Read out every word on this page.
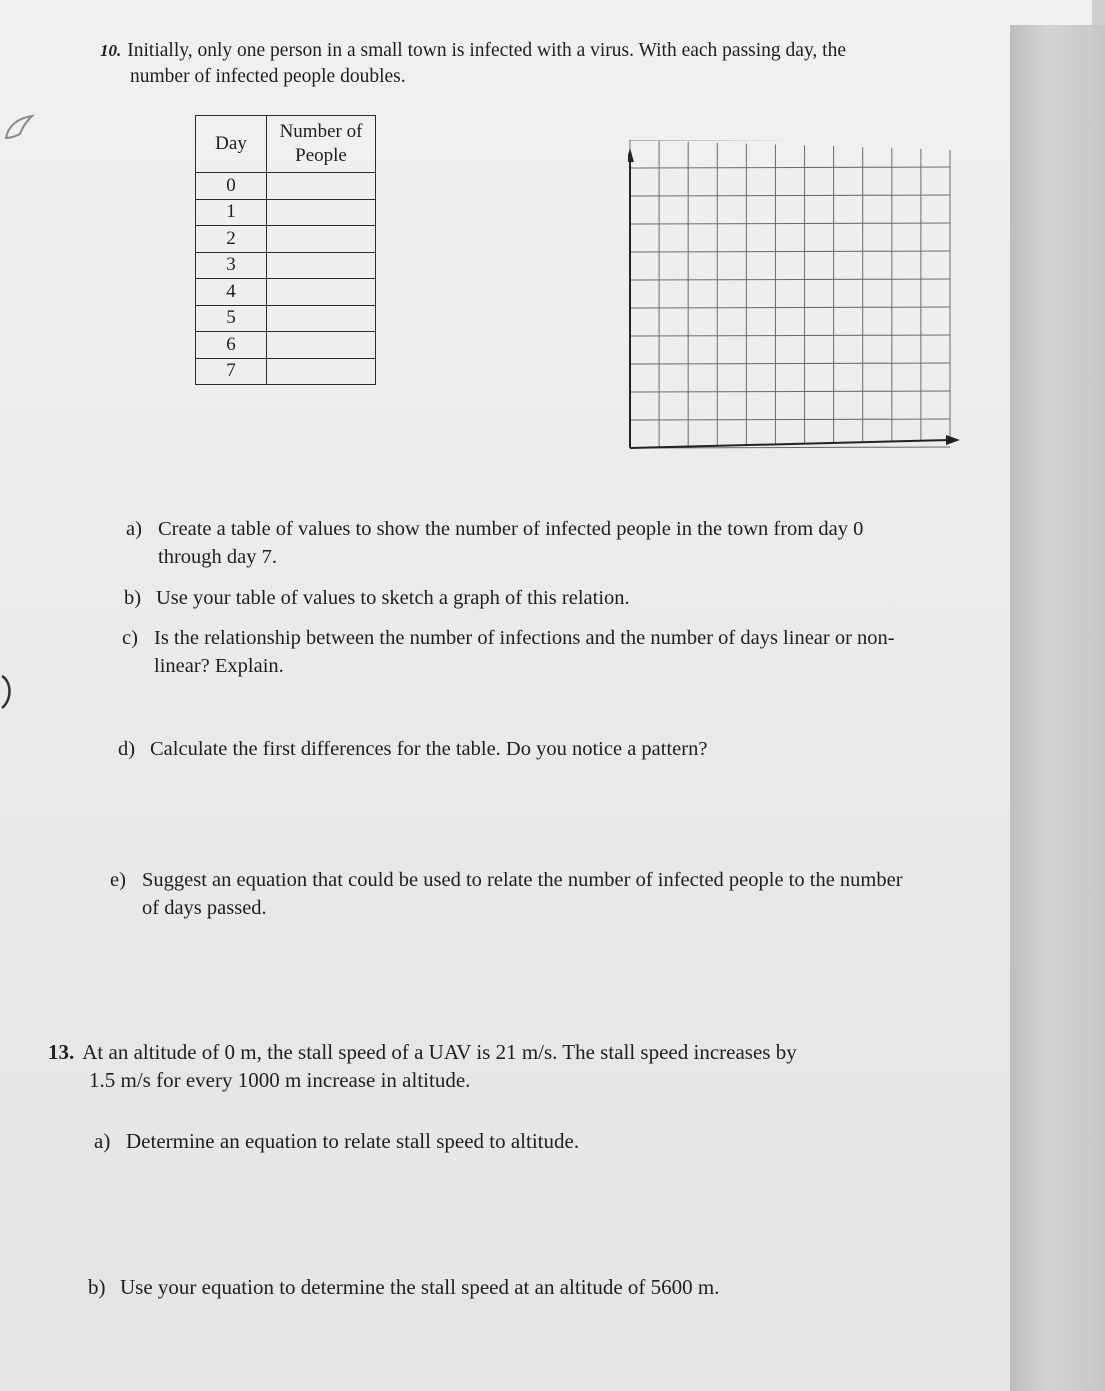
10. Initially, only one person in a small town is infected with a virus. With each passing day, the
number of infected people doubles.
Day	Number of
People

0	
1	
2	
3	
4	
5	
6	
7	
a) Create a table of values to show the number of infected people in the town from day 0
through day 7.
b) Use your table of values to sketch a graph of this relation.
c) Is the relationship between the number of infections and the number of days linear or non-
linear? Explain.
d) Calculate the first differences for the table. Do you notice a pattern?
e) Suggest an equation that could be used to relate the number of infected people to the number
of days passed.
13. At an altitude of 0 m, the stall speed of a UAV is 21 m/s. The stall speed increases by
1.5 m/s for every 1000 m increase in altitude.
a) Determine an equation to relate stall speed to altitude.
b) Use your equation to determine the stall speed at an altitude of 5600 m.
